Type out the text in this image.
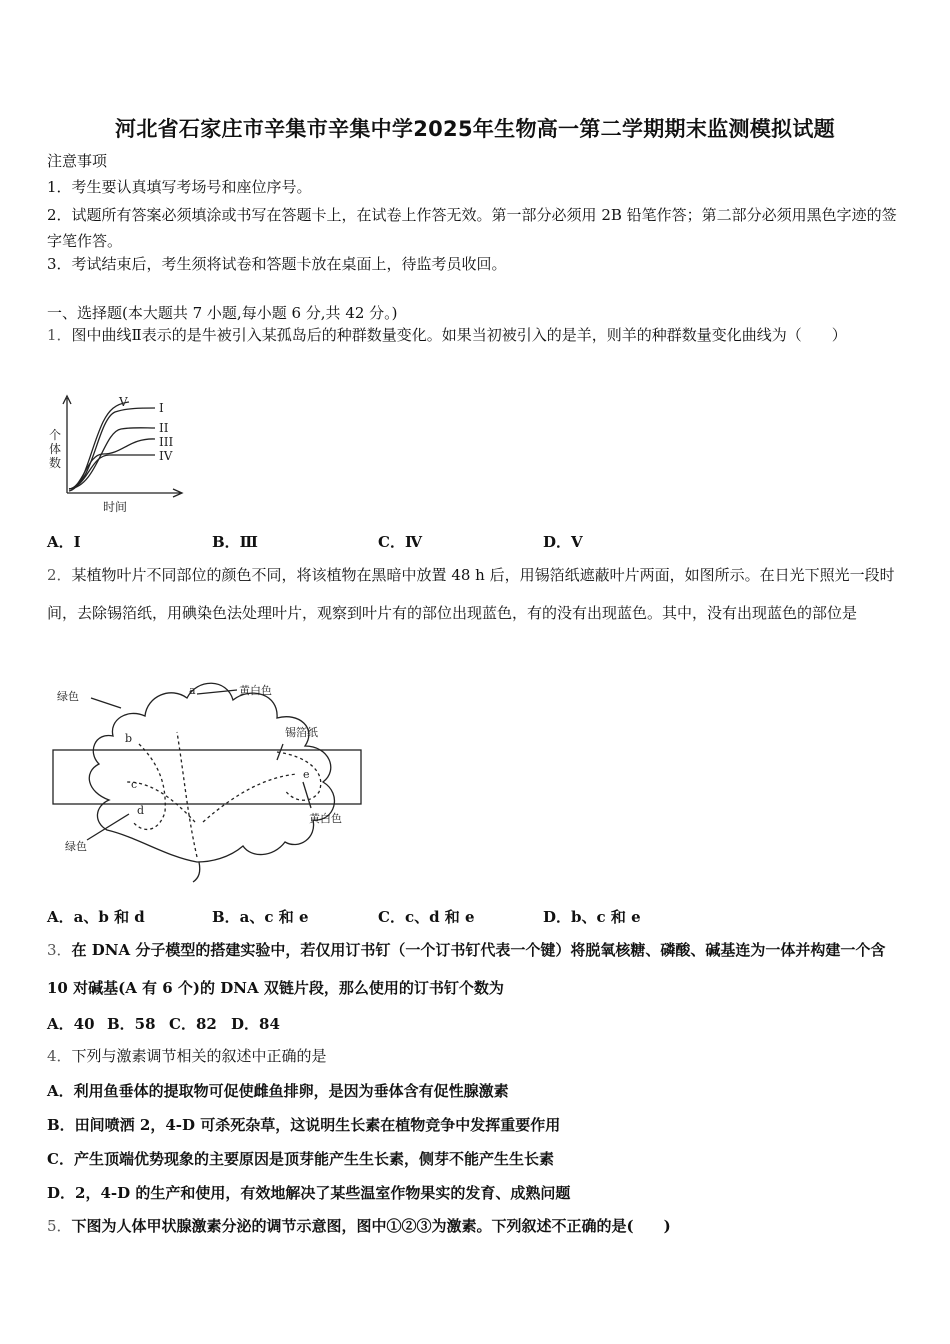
河北省石家庄市辛集市辛集中学2025年生物高一第二学期期末监测模拟试题
注意事项
1．考生要认真填写考场号和座位序号。
2．试题所有答案必须填涂或书写在答题卡上，在试卷上作答无效。第一部分必须用 2B 铅笔作答；第二部分必须用黑色字迹的签字笔作答。
3．考试结束后，考生须将试卷和答题卡放在桌面上，待监考员收回。
一、选择题(本大题共 7 小题,每小题 6 分,共 42 分。)
1．图中曲线Ⅱ表示的是牛被引入某孤岛后的种群数量变化。如果当初被引入的是羊，则羊的种群数量变化曲线为（　　）
V	I
II
III
IV
个
体
数
时间
A．Ⅰ	B．Ⅲ	C．Ⅳ	D．Ⅴ
2．某植物叶片不同部位的颜色不同，将该植物在黑暗中放置 48 h 后，用锡箔纸遮蔽叶片两面，如图所示。在日光下照光一段时间，去除锡箔纸，用碘染色法处理叶片，观察到叶片有的部位出现蓝色，有的没有出现蓝色。其中，没有出现蓝色的部位是
绿色	a	黄白色
b	锡箔纸
c
d
e
黄白色
绿色
A．a、b 和 d	B．a、c 和 e	C．c、d 和 e	D．b、c 和 e
3．在 DNA 分子模型的搭建实验中，若仅用订书钉（一个订书钉代表一个键）将脱氧核糖、磷酸、碱基连为一体并构建一个含 10 对碱基(A 有 6 个)的 DNA 双链片段，那么使用的订书钉个数为
A．40 B．58 C．82 D．84
4．下列与激素调节相关的叙述中正确的是
A．利用鱼垂体的提取物可促使雌鱼排卵，是因为垂体含有促性腺激素
B．田间喷洒 2，4-D 可杀死杂草，这说明生长素在植物竞争中发挥重要作用
C．产生顶端优势现象的主要原因是顶芽能产生生长素，侧芽不能产生生长素
D．2，4-D 的生产和使用，有效地解决了某些温室作物果实的发育、成熟问题
5．下图为人体甲状腺激素分泌的调节示意图，图中①②③为激素。下列叙述不正确的是(　　)
